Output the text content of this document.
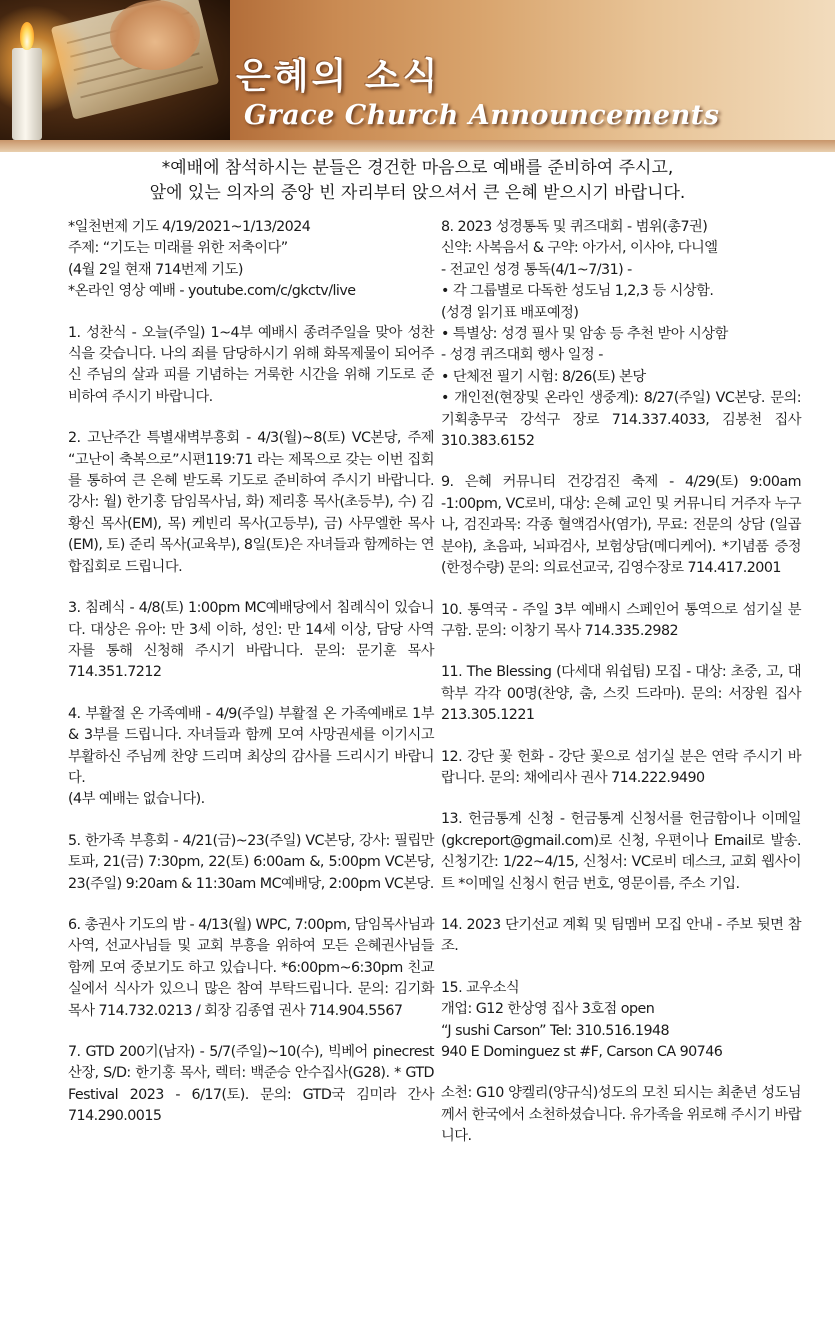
은혜의 소식
Grace Church Announcements
*예배에 참석하시는 분들은 경건한 마음으로 예배를 준비하여 주시고,
앞에 있는 의자의 중앙 빈 자리부터 앉으셔서 큰 은혜 받으시기 바랍니다.
*일천번제 기도 4/19/2021~1/13/2024
주제: “기도는 미래를 위한 저축이다”
(4월 2일 현재 714번제 기도)
*온라인 영상 예배 - youtube.com/c/gkctv/live

1. 성찬식 - 오늘(주일) 1~4부 예배시 종려주일을 맞아 성찬식을 갖습니다. 나의 죄를 담당하시기 위해 화목제물이 되어주신 주님의 살과 피를 기념하는 거룩한 시간을 위해 기도로 준비하여 주시기 바랍니다.

2. 고난주간 특별새벽부흥회 - 4/3(월)~8(토) VC본당, 주제 “고난이 축복으로”시편119:71 라는 제목으로 갖는 이번 집회를 통하여 큰 은혜 받도록 기도로 준비하여 주시기 바랍니다. 강사: 월) 한기홍 담임목사님, 화) 제리홍 목사(초등부), 수) 김황신 목사(EM), 목) 케빈리 목사(고등부), 금) 사무엘한 목사(EM), 토) 준리 목사(교육부), 8일(토)은 자녀들과 함께하는 연합집회로 드립니다.

3. 침례식 - 4/8(토) 1:00pm MC예배당에서 침례식이 있습니다. 대상은 유아: 만 3세 이하, 성인: 만 14세 이상, 담당 사역자를 통해 신청해 주시기 바랍니다. 문의: 문기훈 목사 714.351.7212

4. 부활절 온 가족예배 - 4/9(주일) 부활절 온 가족예배로 1부 & 3부를 드립니다. 자녀들과 함께 모여 사망권세를 이기시고 부활하신 주님께 찬양 드리며 최상의 감사를 드리시기 바랍니다.

(4부 예배는 없습니다).

5. 한가족 부흥회 - 4/21(금)~23(주일) VC본당, 강사: 필립만토파, 21(금) 7:30pm, 22(토) 6:00am &, 5:00pm VC본당, 23(주일) 9:20am & 11:30am MC예배당, 2:00pm VC본당.

6. 총권사 기도의 밤 - 4/13(월) WPC, 7:00pm, 담임목사님과 사역, 선교사님들 및 교회 부흥을 위하여 모든 은혜권사님들 함께 모여 중보기도 하고 있습니다. *6:00pm~6:30pm 친교실에서 식사가 있으니 많은 참여 부탁드립니다. 문의: 김기화 목사 714.732.0213 / 회장 김종엽 권사 714.904.5567

7. GTD 200기(남자) - 5/7(주일)~10(수), 빅베어 pinecrest 산장, S/D: 한기홍 목사, 렉터: 백준승 안수집사(G28). * GTD Festival 2023 - 6/17(토). 문의: GTD국 김미라 간사 714.290.0015

8. 2023 성경통독 및 퀴즈대회 - 범위(총7권)
신약: 사복음서 & 구약: 아가서, 이사야, 다니엘
- 전교인 성경 통독(4/1~7/31) -
• 각 그룹별로 다독한 성도님 1,2,3 등 시상함.
(성경 읽기표 배포예정)
• 특별상: 성경 필사 및 암송 등 추천 받아 시상함
- 성경 퀴즈대회 행사 일정 -
• 단체전 필기 시험: 8/26(토) 본당

• 개인전(현장및 온라인 생중계): 8/27(주일) VC본당. 문의: 기획총무국 강석구 장로 714.337.4033, 김봉천 집사 310.383.6152

9. 은혜 커뮤니티 건강검진 축제 - 4/29(토) 9:00am -1:00pm, VC로비, 대상: 은혜 교인 및 커뮤니티 거주자 누구나, 검진과목: 각종 혈액검사(염가), 무료: 전문의 상담 (일곱 분야), 초음파, 뇌파검사, 보험상담(메디케어). *기념품 증정(한정수량) 문의: 의료선교국, 김영수장로 714.417.2001

10. 통역국 - 주일 3부 예배시 스페인어 통역으로 섬기실 분 구함. 문의: 이창기 목사 714.335.2982

11. The Blessing (다세대 워쉽팀) 모집 - 대상: 초중, 고, 대학부 각각 00명(찬양, 춤, 스킷 드라마). 문의: 서장원 집사 213.305.1221

12. 강단 꽃 헌화 - 강단 꽃으로 섬기실 분은 연락 주시기 바랍니다. 문의: 채에리사 권사 714.222.9490

13. 헌금통계 신청 - 헌금통계 신청서를 헌금함이나 이메일(gkcreport@gmail.com)로 신청, 우편이나 Email로 발송. 신청기간: 1/22~4/15, 신청서: VC로비 데스크, 교회 웹사이트 *이메일 신청시 헌금 번호, 영문이름, 주소 기입.

14. 2023 단기선교 계획 및 팀멤버 모집 안내 - 주보 뒷면 참조.

15. 교우소식
개업: G12 한상영 집사 3호점 open
“J sushi Carson” Tel: 310.516.1948
940 E Dominguez st #F, Carson CA 90746

소천: G10 양켈리(양규식)성도의 모친 되시는 최춘년 성도님께서 한국에서 소천하셨습니다. 유가족을 위로해 주시기 바랍니다.
